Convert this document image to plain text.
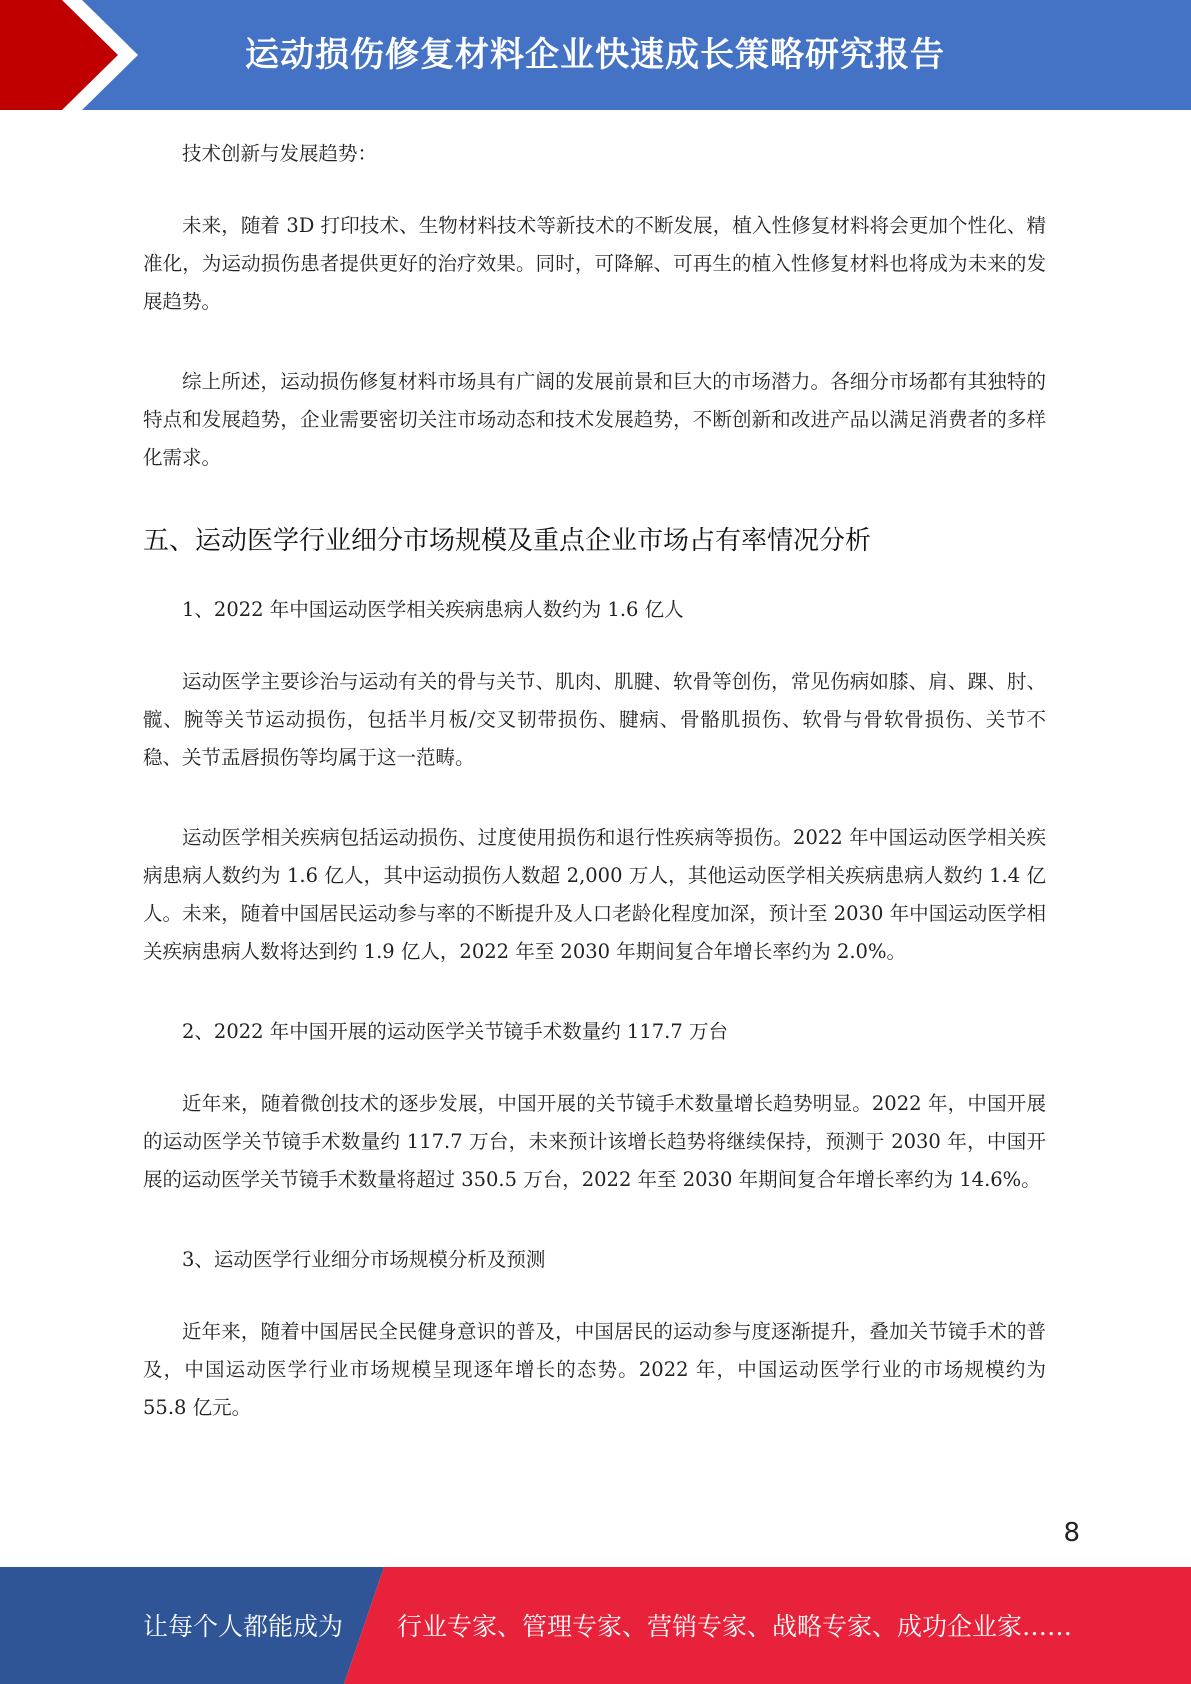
运动损伤修复材料企业快速成长策略研究报告

技术创新与发展趋势：

未来，随着 3D 打印技术、生物材料技术等新技术的不断发展，植入性修复材料将会更加个性化、精准化，为运动损伤患者提供更好的治疗效果。同时，可降解、可再生的植入性修复材料也将成为未来的发展趋势。

综上所述，运动损伤修复材料市场具有广阔的发展前景和巨大的市场潜力。各细分市场都有其独特的特点和发展趋势，企业需要密切关注市场动态和技术发展趋势，不断创新和改进产品以满足消费者的多样化需求。

五、运动医学行业细分市场规模及重点企业市场占有率情况分析

1、2022 年中国运动医学相关疾病患病人数约为 1.6 亿人

运动医学主要诊治与运动有关的骨与关节、肌肉、肌腱、软骨等创伤，常见伤病如膝、肩、踝、肘、髋、腕等关节运动损伤，包括半月板/交叉韧带损伤、腱病、骨骼肌损伤、软骨与骨软骨损伤、关节不稳、关节盂唇损伤等均属于这一范畴。

运动医学相关疾病包括运动损伤、过度使用损伤和退行性疾病等损伤。2022 年中国运动医学相关疾病患病人数约为 1.6 亿人，其中运动损伤人数超 2,000 万人，其他运动医学相关疾病患病人数约 1.4 亿人。未来，随着中国居民运动参与率的不断提升及人口老龄化程度加深，预计至 2030 年中国运动医学相关疾病患病人数将达到约 1.9 亿人，2022 年至 2030 年期间复合年增长率约为 2.0%。

2、2022 年中国开展的运动医学关节镜手术数量约 117.7 万台

近年来，随着微创技术的逐步发展，中国开展的关节镜手术数量增长趋势明显。2022 年，中国开展的运动医学关节镜手术数量约 117.7 万台，未来预计该增长趋势将继续保持，预测于 2030 年，中国开展的运动医学关节镜手术数量将超过 350.5 万台，2022 年至 2030 年期间复合年增长率约为 14.6%。

3、运动医学行业细分市场规模分析及预测

近年来，随着中国居民全民健身意识的普及，中国居民的运动参与度逐渐提升，叠加关节镜手术的普及，中国运动医学行业市场规模呈现逐年增长的态势。2022 年，中国运动医学行业的市场规模约为 55.8 亿元。

8
让每个人都能成为 行业专家、管理专家、营销专家、战略专家、成功企业家……
